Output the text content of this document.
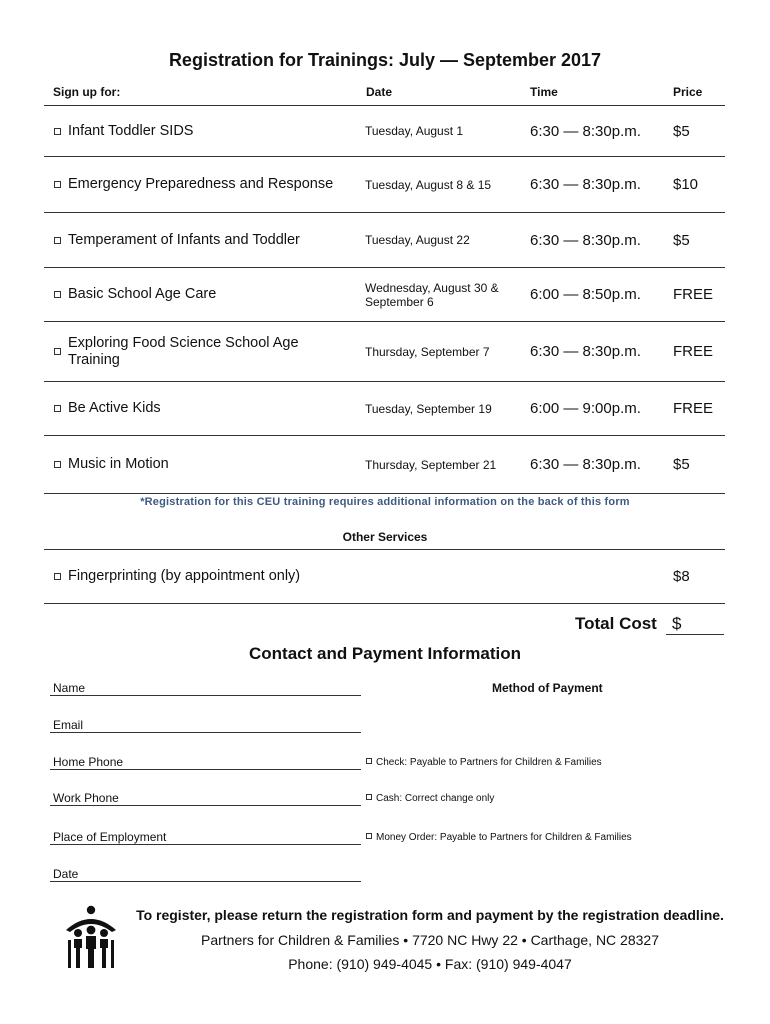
Registration for Trainings: July — September 2017
Sign up for:	Date	Time	Price
Infant Toddler SIDS	Tuesday, August 1	6:30 — 8:30p.m. $5
Emergency Preparedness and Response	Tuesday, August 8 & 15	6:30 — 8:30p.m. $10
Temperament of Infants and Toddler	Tuesday, August 22	6:30 — 8:30p.m. $5
Basic School Age Care	Wednesday, August 30 & September 6	6:00 — 8:50p.m. FREE
Exploring Food Science School Age Training	Thursday, September 7	6:30 — 8:30p.m. FREE
Be Active Kids	Tuesday, September 19	6:00 — 9:00p.m. FREE
Music in Motion	Thursday, September 21 6:30 — 8:30p.m. $5
*Registration for this CEU training requires additional information on the back of this form
Other Services
Fingerprinting (by appointment only)	$8
Total Cost $
Contact and Payment Information
Name
Email
Home Phone
Work Phone
Place of Employment
Date
Method of Payment
Check: Payable to Partners for Children & Families
Cash: Correct change only
Money Order: Payable to Partners for Children & Families
To register, please return the registration form and payment by the registration deadline.
Partners for Children & Families • 7720 NC Hwy 22 • Carthage, NC 28327
Phone: (910) 949-4045 • Fax: (910) 949-4047
